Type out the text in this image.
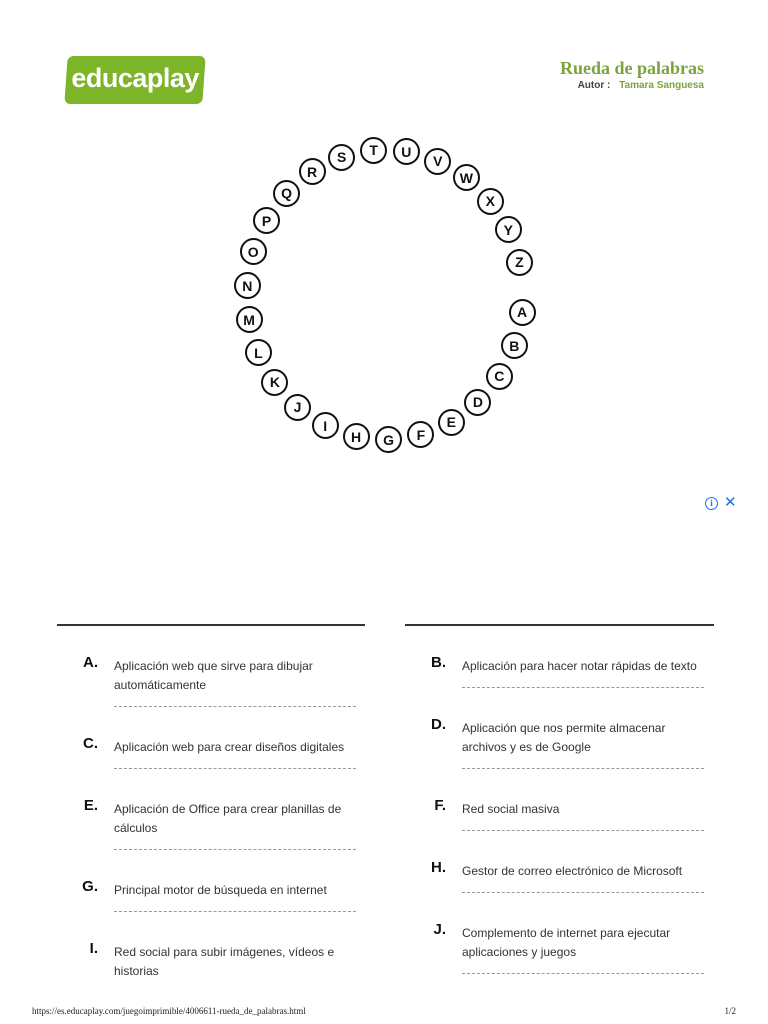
educaplay	Rueda de palabras
Autor : Tamara Sanguesa
A
B
C
D
E
F
G
H
I
J
K
L
M
N
O
P
Q
R
S	T	U
V
W
X
Y
Z
i ✕
A. Aplicación web que sirve para dibujar automáticamente
C. Aplicación web para crear diseños digitales
E. Aplicación de Office para crear planillas de cálculos
G. Principal motor de búsqueda en internet
I. Red social para subir imágenes, vídeos e historias
B. Aplicación para hacer notar rápidas de texto
D. Aplicación que nos permite almacenar archivos y es de Google
F. Red social masiva
H. Gestor de correo electrónico de Microsoft
J. Complemento de internet para ejecutar aplicaciones y juegos
https://es.educaplay.com/juegoimprimible/4006611-rueda_de_palabras.html	1/2
